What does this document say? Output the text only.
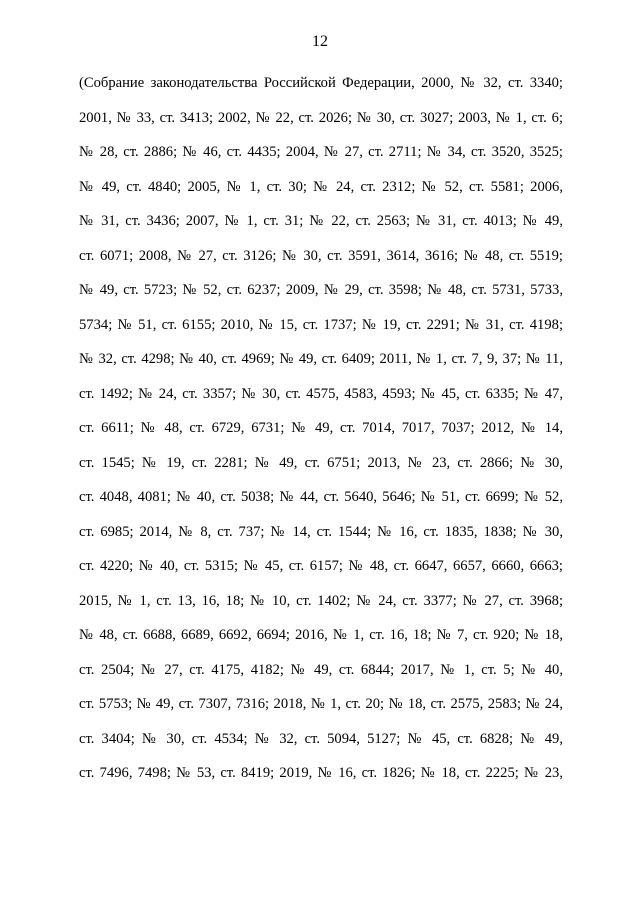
12
(Собрание законодательства Российской Федерации, 2000, № 32, ст. 3340;
2001, № 33, ст. 3413; 2002, № 22, ст. 2026; № 30, ст. 3027; 2003, № 1, ст. 6;
№ 28, ст. 2886; № 46, ст. 4435; 2004, № 27, ст. 2711; № 34, ст. 3520, 3525;
№ 49, ст. 4840; 2005, № 1, ст. 30; № 24, ст. 2312; № 52, ст. 5581; 2006,
№ 31, ст. 3436; 2007, № 1, ст. 31; № 22, ст. 2563; № 31, ст. 4013; № 49,
ст. 6071; 2008, № 27, ст. 3126; № 30, ст. 3591, 3614, 3616; № 48, ст. 5519;
№ 49, ст. 5723; № 52, ст. 6237; 2009, № 29, ст. 3598; № 48, ст. 5731, 5733,
5734; № 51, ст. 6155; 2010, № 15, ст. 1737; № 19, ст. 2291; № 31, ст. 4198;
№ 32, ст. 4298; № 40, ст. 4969; № 49, ст. 6409; 2011, № 1, ст. 7, 9, 37; № 11,
ст. 1492; № 24, ст. 3357; № 30, ст. 4575, 4583, 4593; № 45, ст. 6335; № 47,
ст. 6611; № 48, ст. 6729, 6731; № 49, ст. 7014, 7017, 7037; 2012, № 14,
ст. 1545; № 19, ст. 2281; № 49, ст. 6751; 2013, № 23, ст. 2866; № 30,
ст. 4048, 4081; № 40, ст. 5038; № 44, ст. 5640, 5646; № 51, ст. 6699; № 52,
ст. 6985; 2014, № 8, ст. 737; № 14, ст. 1544; № 16, ст. 1835, 1838; № 30,
ст. 4220; № 40, ст. 5315; № 45, ст. 6157; № 48, ст. 6647, 6657, 6660, 6663;
2015, № 1, ст. 13, 16, 18; № 10, ст. 1402; № 24, ст. 3377; № 27, ст. 3968;
№ 48, ст. 6688, 6689, 6692, 6694; 2016, № 1, ст. 16, 18; № 7, ст. 920; № 18,
ст. 2504; № 27, ст. 4175, 4182; № 49, ст. 6844; 2017, № 1, ст. 5; № 40,
ст. 5753; № 49, ст. 7307, 7316; 2018, № 1, ст. 20; № 18, ст. 2575, 2583; № 24,
ст. 3404; № 30, ст. 4534; № 32, ст. 5094, 5127; № 45, ст. 6828; № 49,
ст. 7496, 7498; № 53, ст. 8419; 2019, № 16, ст. 1826; № 18, ст. 2225; № 23,
